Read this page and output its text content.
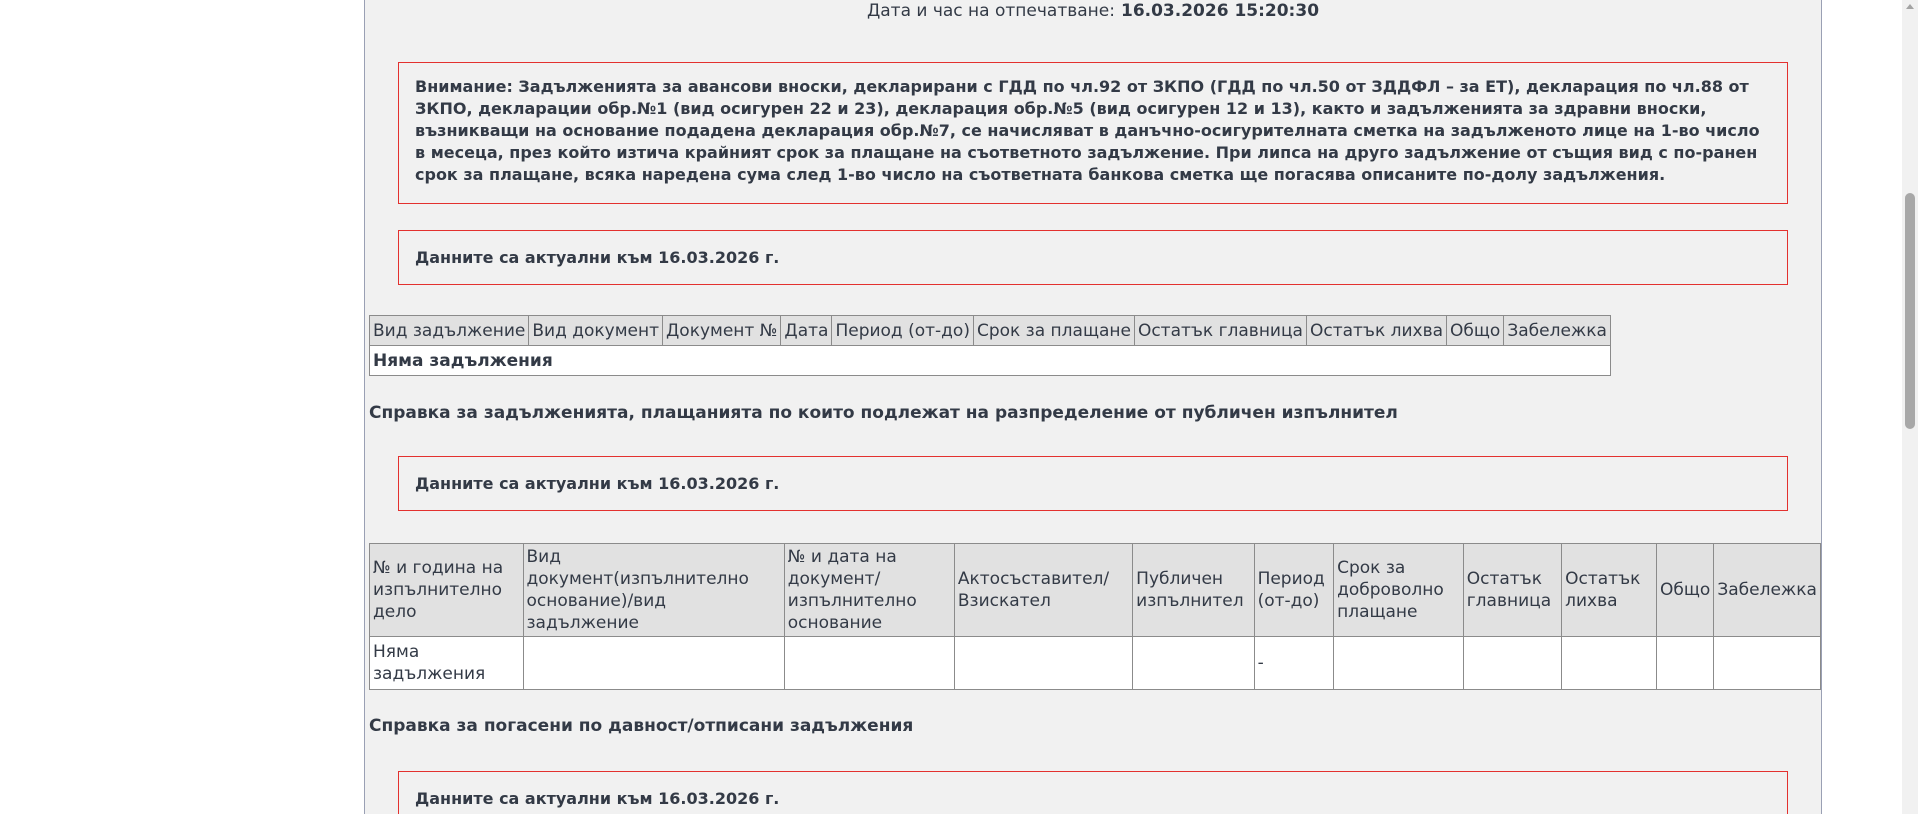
Дата и час на отпечатване: 16.03.2026 15:20:30
Внимание: Задълженията за авансови вноски, декларирани с ГДД по чл.92 от ЗКПО (ГДД по чл.50 от ЗДДФЛ – за ЕТ), декларация по чл.88 от ЗКПО, декларации обр.№1 (вид осигурен 22 и 23), декларация обр.№5 (вид осигурен 12 и 13), както и задълженията за здравни вноски, възникващи на основание подадена декларация обр.№7, се начисляват в данъчно-осигурителната сметка на задълженото лице на 1-во число в месеца, през който изтича крайният срок за плащане на съответното задължение. При липса на друго задължение от същия вид с по-ранен срок за плащане, всяка наредена сума след 1-во число на съответната банкова сметка ще погасява описаните по-долу задължения.
Данните са актуални към 16.03.2026 г.
Вид задължение	Вид документ	Документ №	Дата	Период (от-до)	Срок за плащане	Остатък главница	Остатък лихва	Общо	Забележка
Няма задължения
Справка за задълженията, плащанията по които подлежат на разпределение от публичен изпълнител
Данните са актуални към 16.03.2026 г.
№ и година на изпълнително дело	Вид документ(изпълнително основание)/вид задължение	№ и дата на документ/ изпълнително основание	Актосъставител/ Взискател	Публичен изпълнител	Период (от-до)	Срок за доброволно плащане	Остатък главница	Остатък лихва	Общо	Забележка
Няма задължения					-					
Справка за погасени по давност/отписани задължения
Данните са актуални към 16.03.2026 г.
